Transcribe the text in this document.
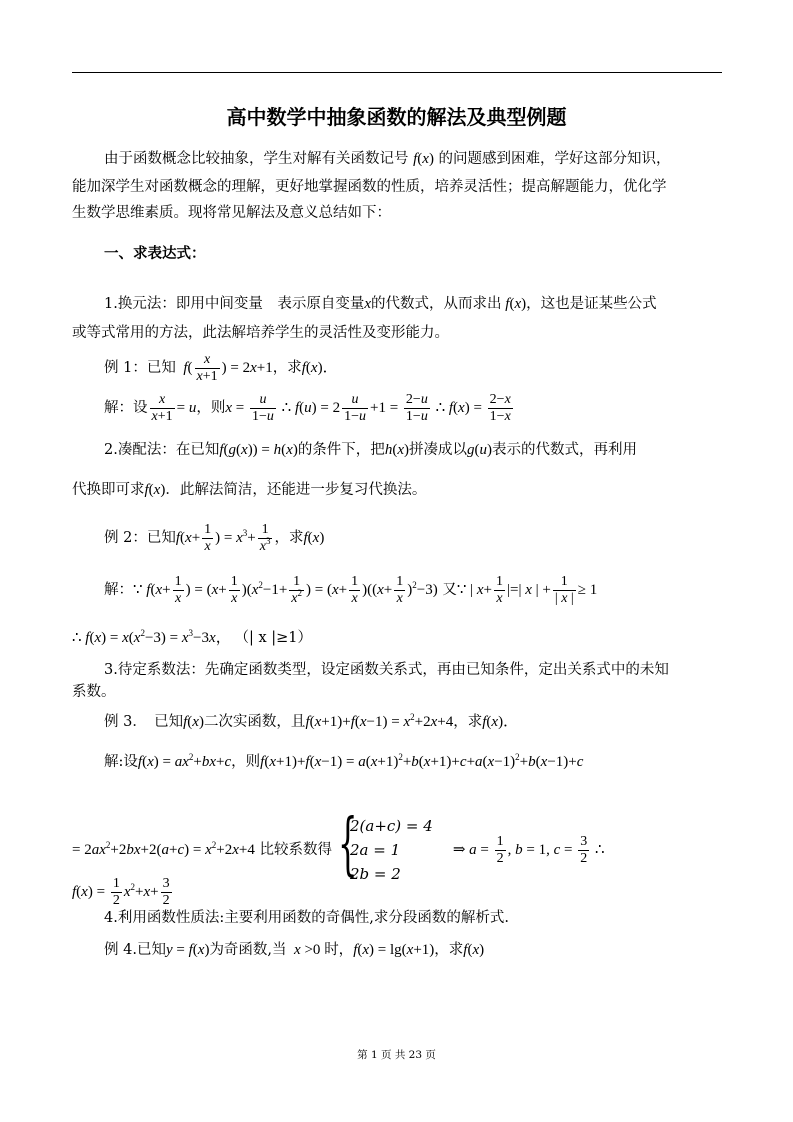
高中数学中抽象函数的解法及典型例题
由于函数概念比较抽象，学生对解有关函数记号 f(x) 的问题感到困难，学好这部分知识，
能加深学生对函数概念的理解，更好地掌握函数的性质，培养灵活性；提高解题能力，优化学
生数学思维素质。现将常见解法及意义总结如下：
一、求表达式：
1.换元法：即用中间变量　表示原自变量x的代数式，从而求出 f(x)，这也是证某些公式
或等式常用的方法，此法解培养学生的灵活性及变形能力。
例 1：已知 $f( \frac{x}{x+1}$ ) = 2x+1，求f(x)．
解：设 $\frac{x}{x+1} = u$，则$x = \frac{u}{1-u}$ ∴ $f(u) = 2 \frac{u}{1-u} +1 = \frac{2-u}{1-u}$ ∴ $f(x) = \frac{2-x}{1-x}$
2.凑配法：在已知f(g(x)) = h(x)的条件下，把h(x)拼凑成以g(u)表示的代数式，再利用
代换即可求f(x)．此解法简洁，还能进一步复习代换法。
例 2：已知$f(x+ \frac{1}{x}$ ) = $x^3+ \frac{1}{x^3}$ ，求f(x)
解：∵ $f(x+ \frac{1}{x}$ ) = $(x+ \frac{1}{x} )(x^2-1+ \frac{1}{x^2}$ ) = $(x+ \frac{1}{x} )((x+ \frac{1}{x} )^2-3)$ 又∵ | $x+ \frac{1}{x}$ |=| x | + $\frac{1}{| x |} \ge 1$
∴ $f(x) = x(x^2-3) = x^3-3x$， （| x |≥1）
3.待定系数法：先确定函数类型，设定函数关系式，再由已知条件，定出关系式中的未知
系数。
例 3．　已知f(x)二次实函数，且$f(x+1)+f(x-1) = x^2+2x+4$，求f(x)．
解:设$f(x) = ax^2+bx+c$，则$f(x+1)+f(x-1) = a(x+1)^2+b(x+1)+c+a(x-1)^2+b(x-1)+c$
= $2ax^2+2bx+2(a+c) = x^2+2x+4$ 比较系数得 {
2(a+c) = 4
2a = 1
2b = 2
⇒ $a = \frac{1}{2}$ , b = 1, $c = \frac{3}{2}$ ∴
$f(x) = \frac{1}{2} x^2+x+ \frac{3}{2}$
4.利用函数性质法:主要利用函数的奇偶性,求分段函数的解析式.
例 4.已知y = f(x)为奇函数,当 x >0 时，f(x) = lg(x+1)，求f(x)
第 1 页 共 23 页
